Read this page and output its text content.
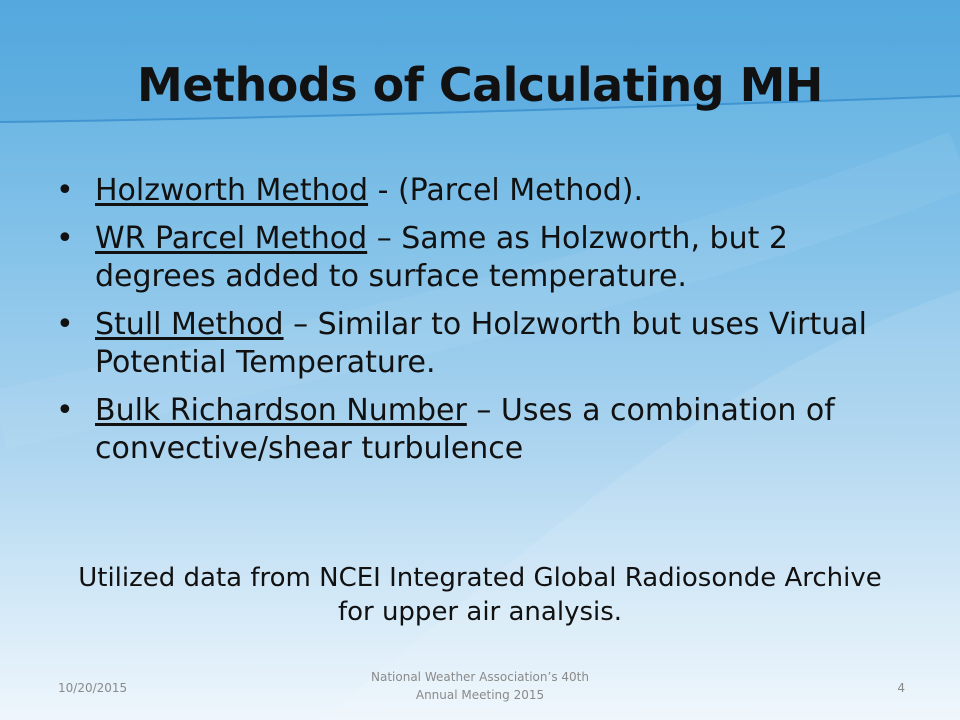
Methods of Calculating MH
• Holzworth Method - (Parcel Method).
• WR Parcel Method – Same as Holzworth, but 2 degrees added to surface temperature.
• Stull Method – Similar to Holzworth but uses Virtual Potential Temperature.
• Bulk Richardson Number – Uses a combination of convective/shear turbulence
Utilized data from NCEI Integrated Global Radiosonde Archive for upper air analysis.
10/20/2015
National Weather Association’s 40th
Annual Meeting 2015	4
